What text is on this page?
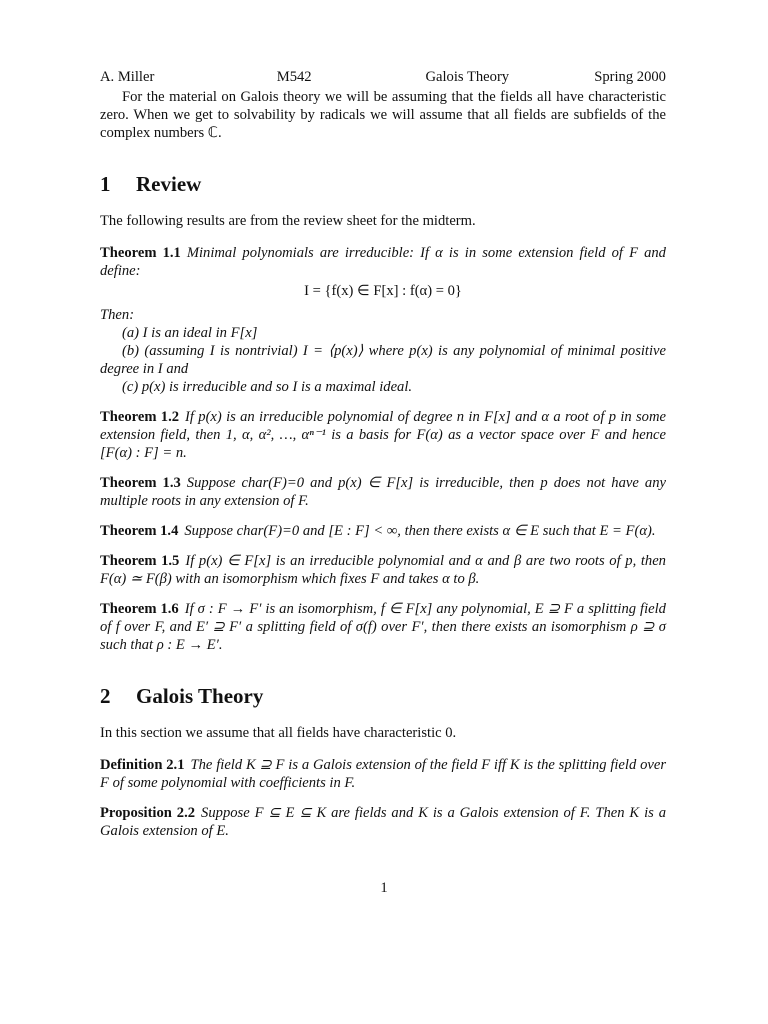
A. Miller	M542	Galois Theory	Spring 2000

For the material on Galois theory we will be assuming that the fields all have characteristic zero. When we get to solvability by radicals we will assume that all fields are subfields of the complex numbers ℂ.

1 Review

The following results are from the review sheet for the midterm.

Theorem 1.1 Minimal polynomials are irreducible: If α is in some extension field of F and define:
I = {f(x) ∈ F[x] : f(α) = 0}
Then:
(a) I is an ideal in F[x]
(b) (assuming I is nontrivial) I = ⟨p(x)⟩ where p(x) is any polynomial of minimal positive degree in I and
(c) p(x) is irreducible and so I is a maximal ideal.
Theorem 1.2 If p(x) is an irreducible polynomial of degree n in F[x] and α a root of p in some extension field, then 1, α, α², …, αⁿ⁻¹ is a basis for F(α) as a vector space over F and hence [F(α) : F] = n.
Theorem 1.3 Suppose char(F)=0 and p(x) ∈ F[x] is irreducible, then p does not have any multiple roots in any extension of F.
Theorem 1.4 Suppose char(F)=0 and [E : F] < ∞, then there exists α ∈ E such that E = F(α).
Theorem 1.5 If p(x) ∈ F[x] is an irreducible polynomial and α and β are two roots of p, then F(α) ≃ F(β) with an isomorphism which fixes F and takes α to β.
Theorem 1.6 If σ : F → F′ is an isomorphism, f ∈ F[x] any polynomial, E ⊇ F a splitting field of f over F, and E′ ⊇ F′ a splitting field of σ(f) over F′, then there exists an isomorphism ρ ⊇ σ such that ρ : E → E′.
2 Galois Theory

In this section we assume that all fields have characteristic 0.

Definition 2.1 The field K ⊇ F is a Galois extension of the field F iff K is the splitting field over F of some polynomial with coefficients in F.
Proposition 2.2 Suppose F ⊆ E ⊆ K are fields and K is a Galois extension of F. Then K is a Galois extension of E.
1
